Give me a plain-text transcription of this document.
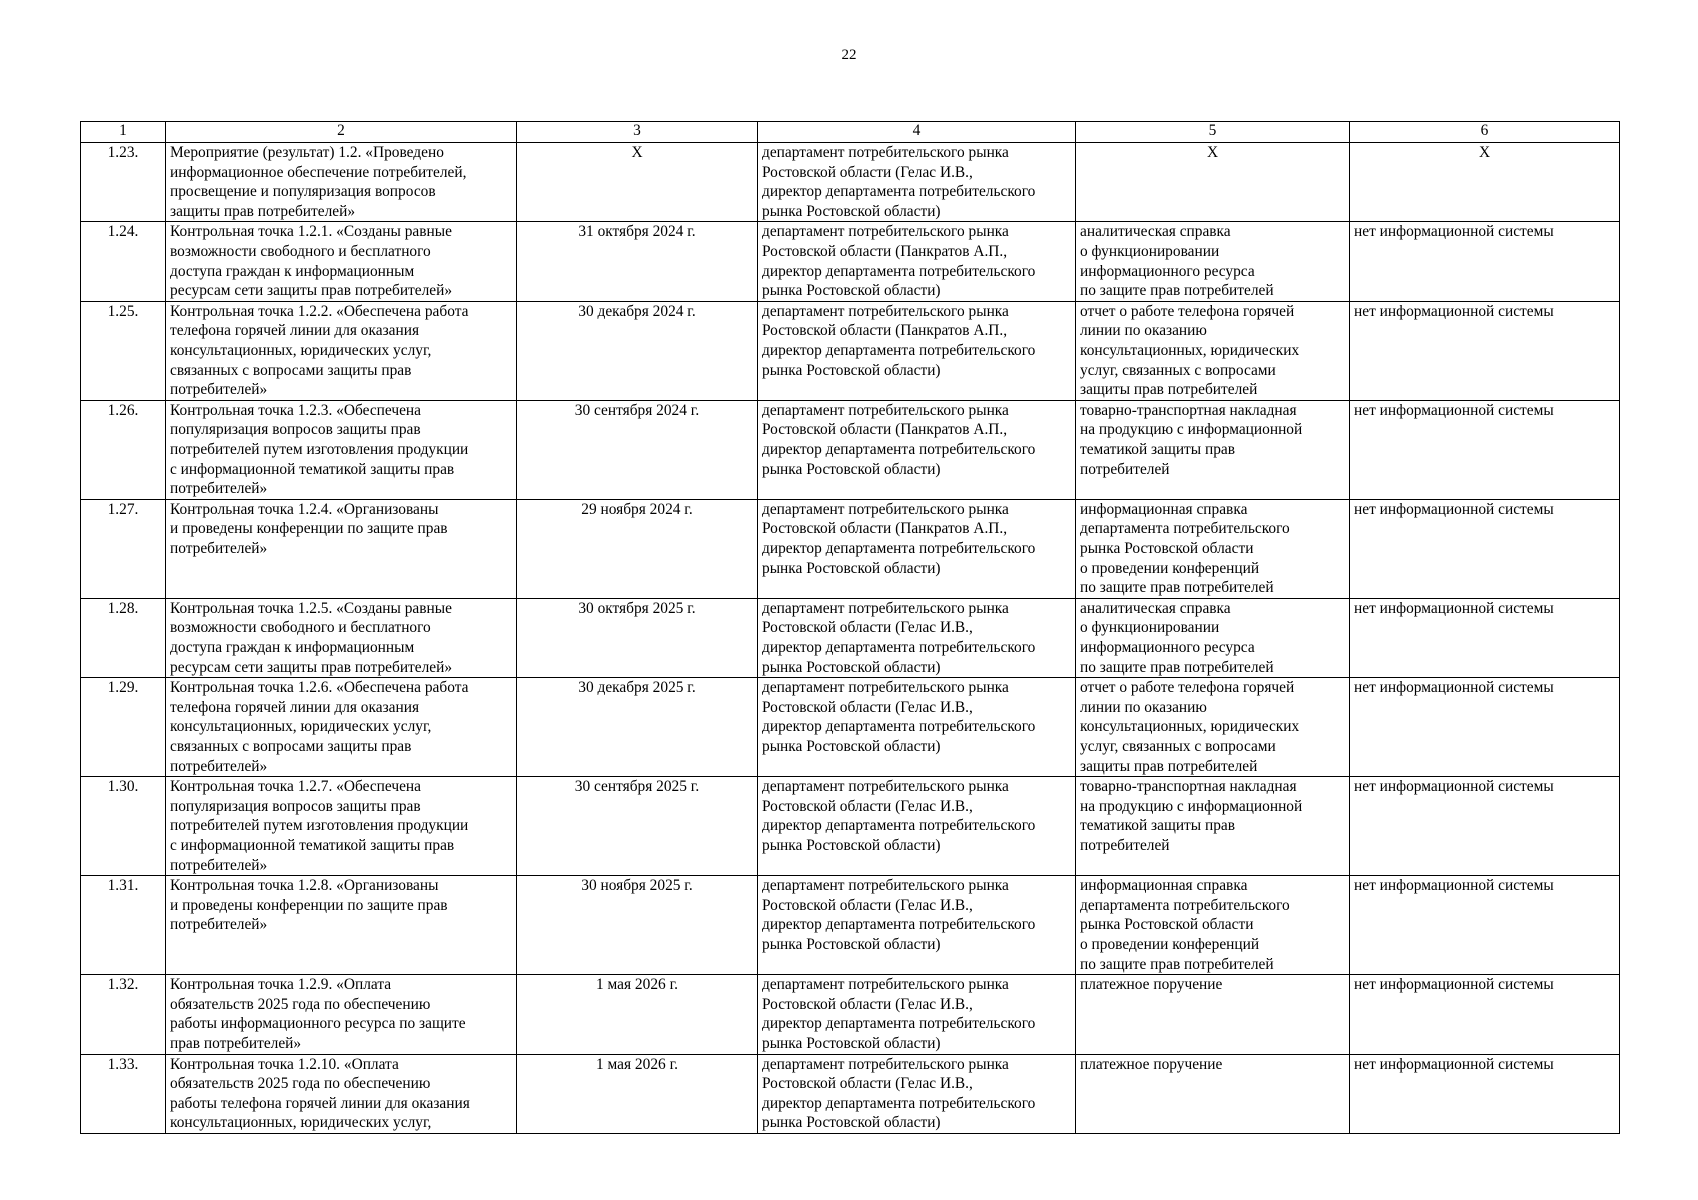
22
1	2	3	4	5	6
1.23.	Мероприятие (результат) 1.2. «Проведено
информационное обеспечение потребителей,
просвещение и популяризация вопросов
защиты прав потребителей»	Х	департамент потребительского рынка
Ростовской области (Гелас И.В.,
директор департамента потребительского
рынка Ростовской области)	Х	Х
1.24.	Контрольная точка 1.2.1. «Созданы равные
возможности свободного и бесплатного
доступа граждан к информационным
ресурсам сети защиты прав потребителей»	31 октября 2024 г.	департамент потребительского рынка
Ростовской области (Панкратов А.П.,
директор департамента потребительского
рынка Ростовской области)	аналитическая справка
о функционировании
информационного ресурса
по защите прав потребителей	нет информационной системы
1.25.	Контрольная точка 1.2.2. «Обеспечена работа
телефона горячей линии для оказания
консультационных, юридических услуг,
связанных с вопросами защиты прав
потребителей»	30 декабря 2024 г.	департамент потребительского рынка
Ростовской области (Панкратов А.П.,
директор департамента потребительского
рынка Ростовской области)	отчет о работе телефона горячей
линии по оказанию
консультационных, юридических
услуг, связанных с вопросами
защиты прав потребителей	нет информационной системы
1.26.	Контрольная точка 1.2.3. «Обеспечена
популяризация вопросов защиты прав
потребителей путем изготовления продукции
с информационной тематикой защиты прав
потребителей»	30 сентября 2024 г.	департамент потребительского рынка
Ростовской области (Панкратов А.П.,
директор департамента потребительского
рынка Ростовской области)	товарно-транспортная накладная
на продукцию с информационной
тематикой защиты прав
потребителей	нет информационной системы
1.27.	Контрольная точка 1.2.4. «Организованы
и проведены конференции по защите прав
потребителей»	29 ноября 2024 г.	департамент потребительского рынка
Ростовской области (Панкратов А.П.,
директор департамента потребительского
рынка Ростовской области)	информационная справка
департамента потребительского
рынка Ростовской области
о проведении конференций
по защите прав потребителей	нет информационной системы
1.28.	Контрольная точка 1.2.5. «Созданы равные
возможности свободного и бесплатного
доступа граждан к информационным
ресурсам сети защиты прав потребителей»	30 октября 2025 г.	департамент потребительского рынка
Ростовской области (Гелас И.В.,
директор департамента потребительского
рынка Ростовской области)	аналитическая справка
о функционировании
информационного ресурса
по защите прав потребителей	нет информационной системы
1.29.	Контрольная точка 1.2.6. «Обеспечена работа
телефона горячей линии для оказания
консультационных, юридических услуг,
связанных с вопросами защиты прав
потребителей»	30 декабря 2025 г.	департамент потребительского рынка
Ростовской области (Гелас И.В.,
директор департамента потребительского
рынка Ростовской области)	отчет о работе телефона горячей
линии по оказанию
консультационных, юридических
услуг, связанных с вопросами
защиты прав потребителей	нет информационной системы
1.30.	Контрольная точка 1.2.7. «Обеспечена
популяризация вопросов защиты прав
потребителей путем изготовления продукции
с информационной тематикой защиты прав
потребителей»	30 сентября 2025 г.	департамент потребительского рынка
Ростовской области (Гелас И.В.,
директор департамента потребительского
рынка Ростовской области)	товарно-транспортная накладная
на продукцию с информационной
тематикой защиты прав
потребителей	нет информационной системы
1.31.	Контрольная точка 1.2.8. «Организованы
и проведены конференции по защите прав
потребителей»	30 ноября 2025 г.	департамент потребительского рынка
Ростовской области (Гелас И.В.,
директор департамента потребительского
рынка Ростовской области)	информационная справка
департамента потребительского
рынка Ростовской области
о проведении конференций
по защите прав потребителей	нет информационной системы
1.32.	Контрольная точка 1.2.9. «Оплата
обязательств 2025 года по обеспечению
работы информационного ресурса по защите
прав потребителей»	1 мая 2026 г.	департамент потребительского рынка
Ростовской области (Гелас И.В.,
директор департамента потребительского
рынка Ростовской области)	платежное поручение	нет информационной системы
1.33.	Контрольная точка 1.2.10. «Оплата
обязательств 2025 года по обеспечению
работы телефона горячей линии для оказания
консультационных, юридических услуг,	1 мая 2026 г.	департамент потребительского рынка
Ростовской области (Гелас И.В.,
директор департамента потребительского
рынка Ростовской области)	платежное поручение	нет информационной системы
